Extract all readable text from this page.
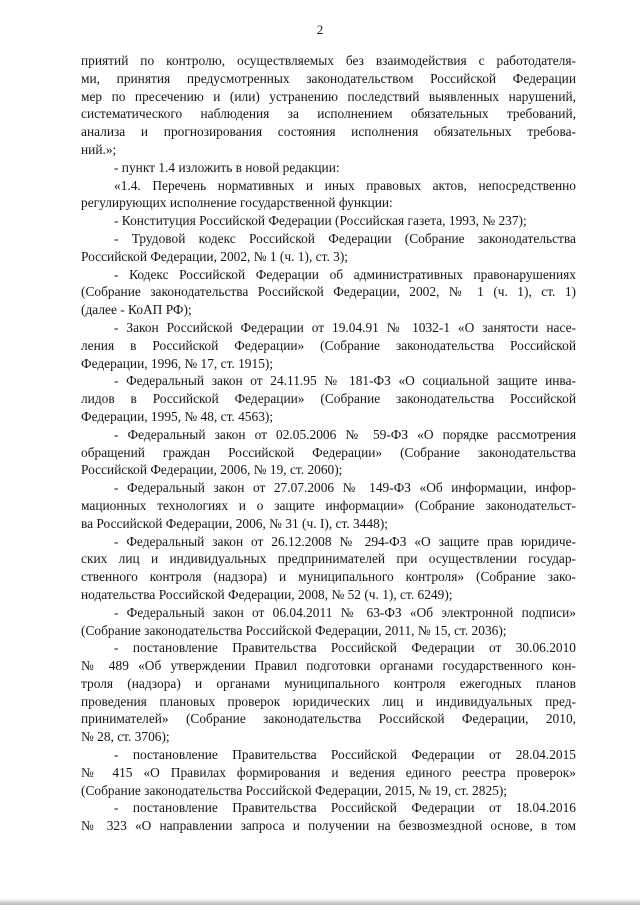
2
приятий по контролю, осуществляемых без взаимодействия с работодателя-
ми, принятия предусмотренных законодательством Российской Федерации
мер по пресечению и (или) устранению последствий выявленных нарушений,
систематического наблюдения за исполнением обязательных требований,
анализа и прогнозирования состояния исполнения обязательных требова-
ний.»;
- пункт 1.4 изложить в новой редакции:
«1.4. Перечень нормативных и иных правовых актов, непосредственно
регулирующих исполнение государственной функции:
- Конституция Российской Федерации (Российская газета, 1993, № 237);
- Трудовой кодекс Российской Федерации (Собрание законодательства
Российской Федерации, 2002, № 1 (ч. 1), ст. 3);
- Кодекс Российской Федерации об административных правонарушениях
(Собрание законодательства Российской Федерации, 2002, № 1 (ч. 1), ст. 1)
(далее - КоАП РФ);
- Закон Российской Федерации от 19.04.91 № 1032-1 «О занятости насе-
ления в Российской Федерации» (Собрание законодательства Российской
Федерации, 1996, № 17, ст. 1915);
- Федеральный закон от 24.11.95 № 181-ФЗ «О социальной защите инва-
лидов в Российской Федерации» (Собрание законодательства Российской
Федерации, 1995, № 48, ст. 4563);
- Федеральный закон от 02.05.2006 № 59-ФЗ «О порядке рассмотрения
обращений граждан Российской Федерации» (Собрание законодательства
Российской Федерации, 2006, № 19, ст. 2060);
- Федеральный закон от 27.07.2006 № 149-ФЗ «Об информации, инфор-
мационных технологиях и о защите информации» (Собрание законодательст-
ва Российской Федерации, 2006, № 31 (ч. I), ст. 3448);
- Федеральный закон от 26.12.2008 № 294-ФЗ «О защите прав юридиче-
ских лиц и индивидуальных предпринимателей при осуществлении государ-
ственного контроля (надзора) и муниципального контроля» (Собрание зако-
нодательства Российской Федерации, 2008, № 52 (ч. 1), ст. 6249);
- Федеральный закон от 06.04.2011 № 63-ФЗ «Об электронной подписи»
(Собрание законодательства Российской Федерации, 2011, № 15, ст. 2036);
- постановление Правительства Российской Федерации от 30.06.2010
№ 489 «Об утверждении Правил подготовки органами государственного кон-
троля (надзора) и органами муниципального контроля ежегодных планов
проведения плановых проверок юридических лиц и индивидуальных пред-
принимателей» (Собрание законодательства Российской Федерации, 2010,
№ 28, ст. 3706);
- постановление Правительства Российской Федерации от 28.04.2015
№ 415 «О Правилах формирования и ведения единого реестра проверок»
(Собрание законодательства Российской Федерации, 2015, № 19, ст. 2825);
- постановление Правительства Российской Федерации от 18.04.2016
№ 323 «О направлении запроса и получении на безвозмездной основе, в том
